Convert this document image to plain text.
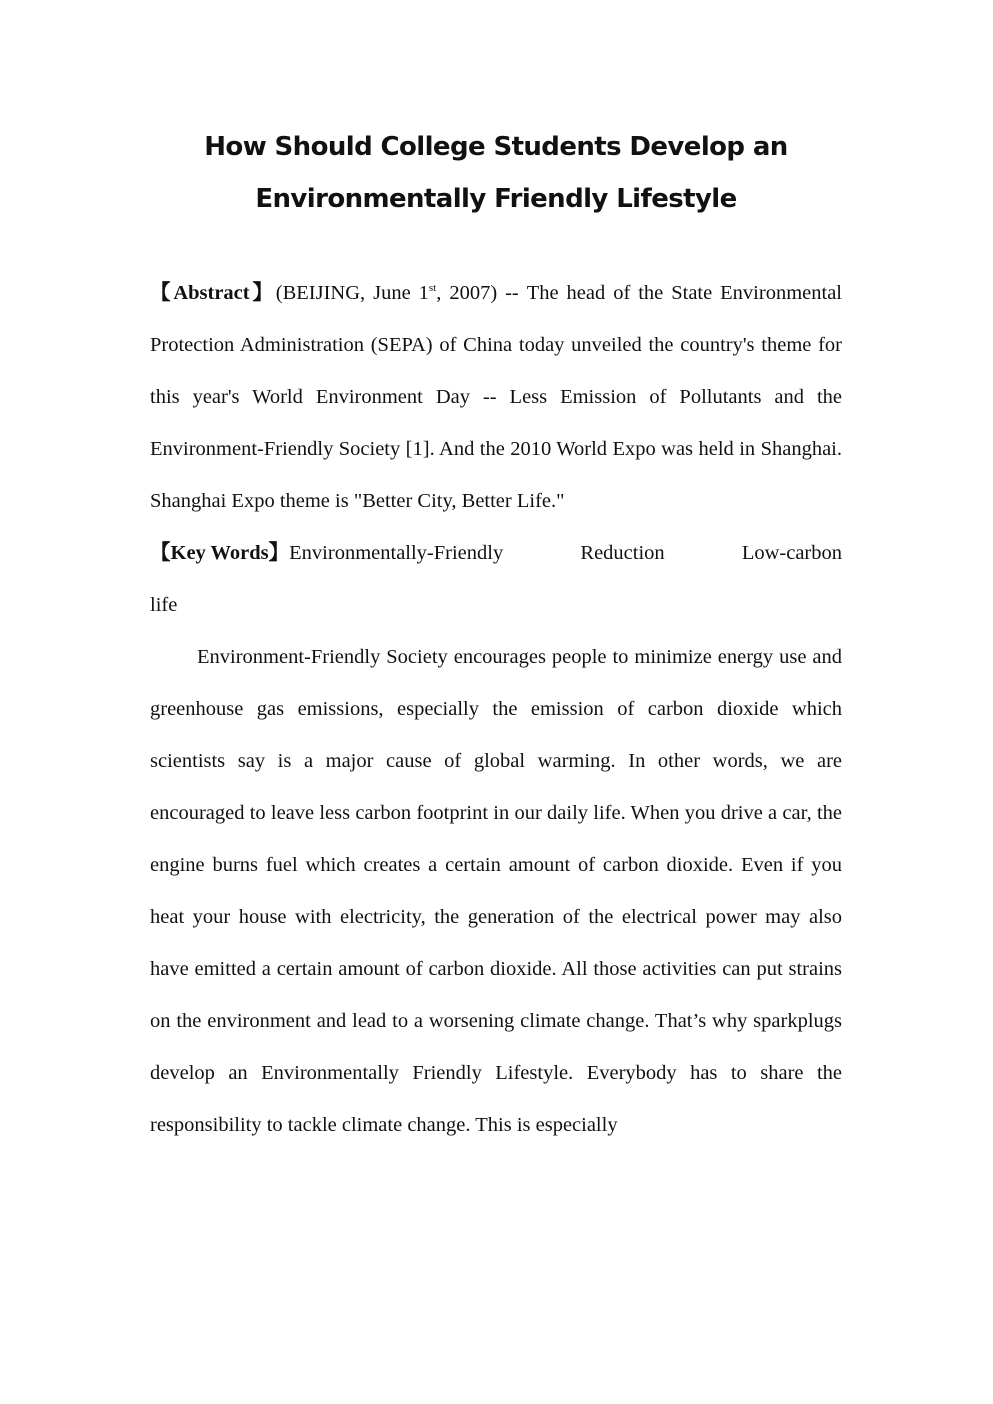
How Should College Students Develop an
Environmentally Friendly Lifestyle

【Abstract】(BEIJING, June 1st, 2007) -- The head of the State Environmental Protection Administration (SEPA) of China today unveiled the country's theme for this year's World Environment Day -- Less Emission of Pollutants and the Environment-Friendly Society [1]. And the 2010 World Expo was held in Shanghai. Shanghai Expo theme is "Better City, Better Life."

【Key Words】Environmentally-Friendly	Reduction	Low-carbon
life

Environment-Friendly Society encourages people to minimize energy use and greenhouse gas emissions, especially the emission of carbon dioxide which scientists say is a major cause of global warming. In other words, we are encouraged to leave less carbon footprint in our daily life. When you drive a car, the engine burns fuel which creates a certain amount of carbon dioxide. Even if you heat your house with electricity, the generation of the electrical power may also have emitted a certain amount of carbon dioxide. All those activities can put strains on the environment and lead to a worsening climate change. That’s why sparkplugs develop an Environmentally Friendly Lifestyle. Everybody has to share the responsibility to tackle climate change. This is especially
